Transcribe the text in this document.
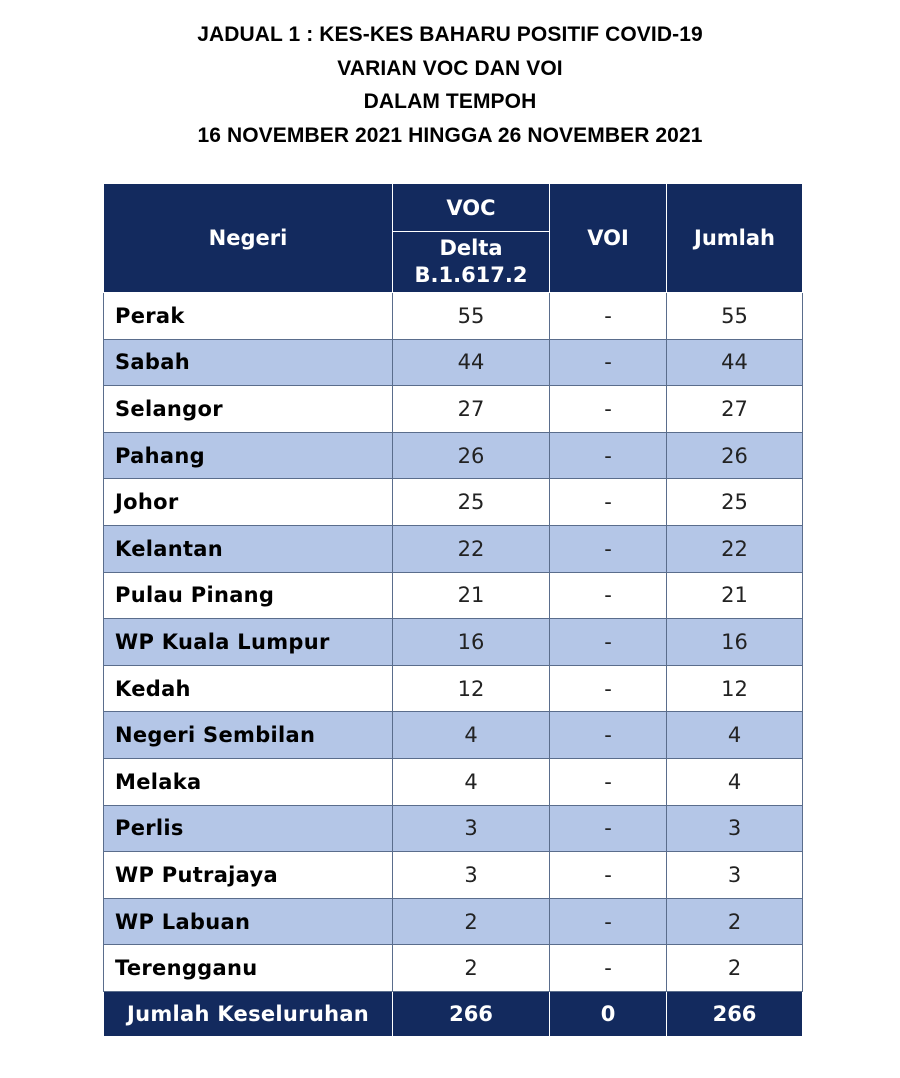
JADUAL 1 : KES-KES BAHARU POSITIF COVID-19
VARIAN VOC DAN VOI
DALAM TEMPOH
16 NOVEMBER 2021 HINGGA 26 NOVEMBER 2021
Negeri	VOC	VOI	Jumlah

	Delta
B.1.617.2		

Perak	55	-	55
Sabah	44	-	44
Selangor	27	-	27
Pahang	26	-	26
Johor	25	-	25
Kelantan	22	-	22
Pulau Pinang	21	-	21
WP Kuala Lumpur	16	-	16
Kedah	12	-	12
Negeri Sembilan	4	-	4
Melaka	4	-	4
Perlis	3	-	3
WP Putrajaya	3	-	3
WP Labuan	2	-	2
Terengganu	2	-	2
Jumlah Keseluruhan	266	0	266
